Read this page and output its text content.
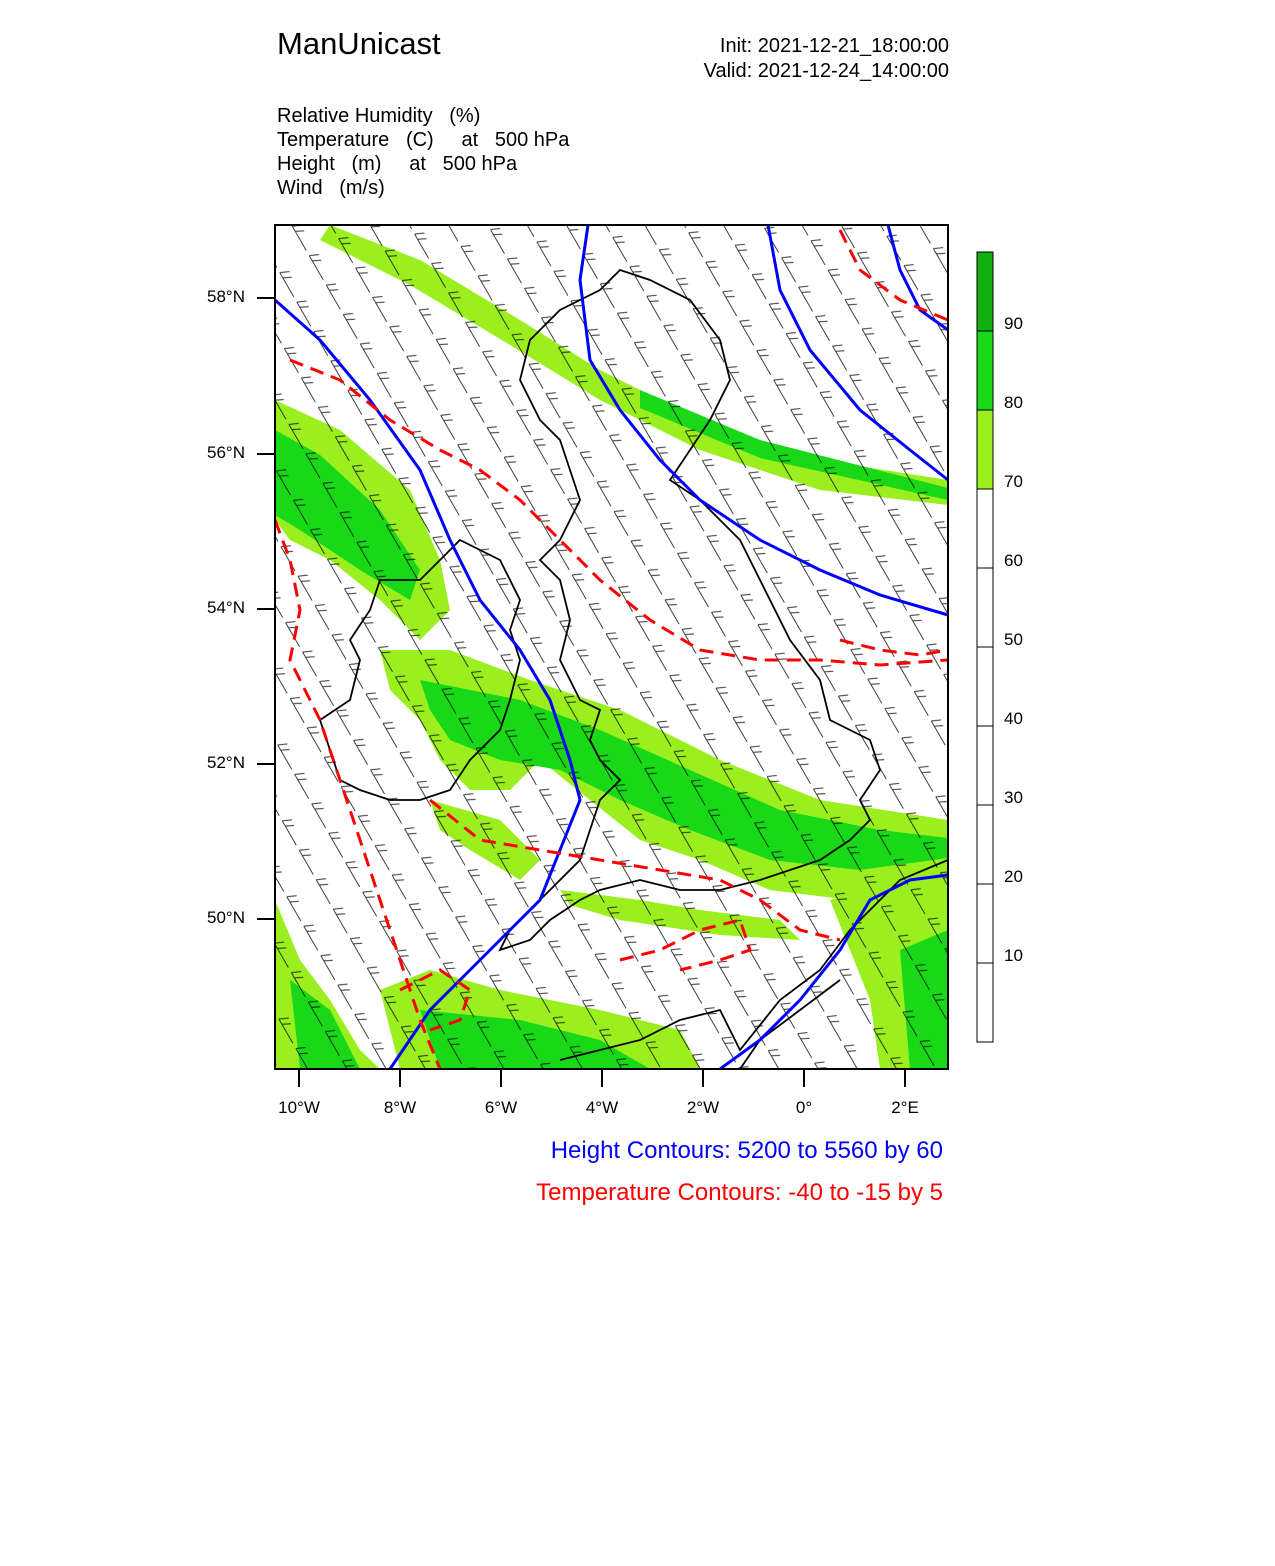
ManUnicast	Init: 2021-12-21_18:00:00
Valid: 2021-12-24_14:00:00
Relative Humidity   (%)
Temperature   (C)     at   500 hPa
Height   (m)     at   500 hPa
Wind   (m/s)
58°N
56°N
54°N
52°N
50°N
10°W	8°W	6°W	4°W	2°W	0°	2°E
10
20
30
40
50
60
70
80
90
Height Contours: 5200 to 5560 by 60
Temperature Contours: -40 to -15 by 5
